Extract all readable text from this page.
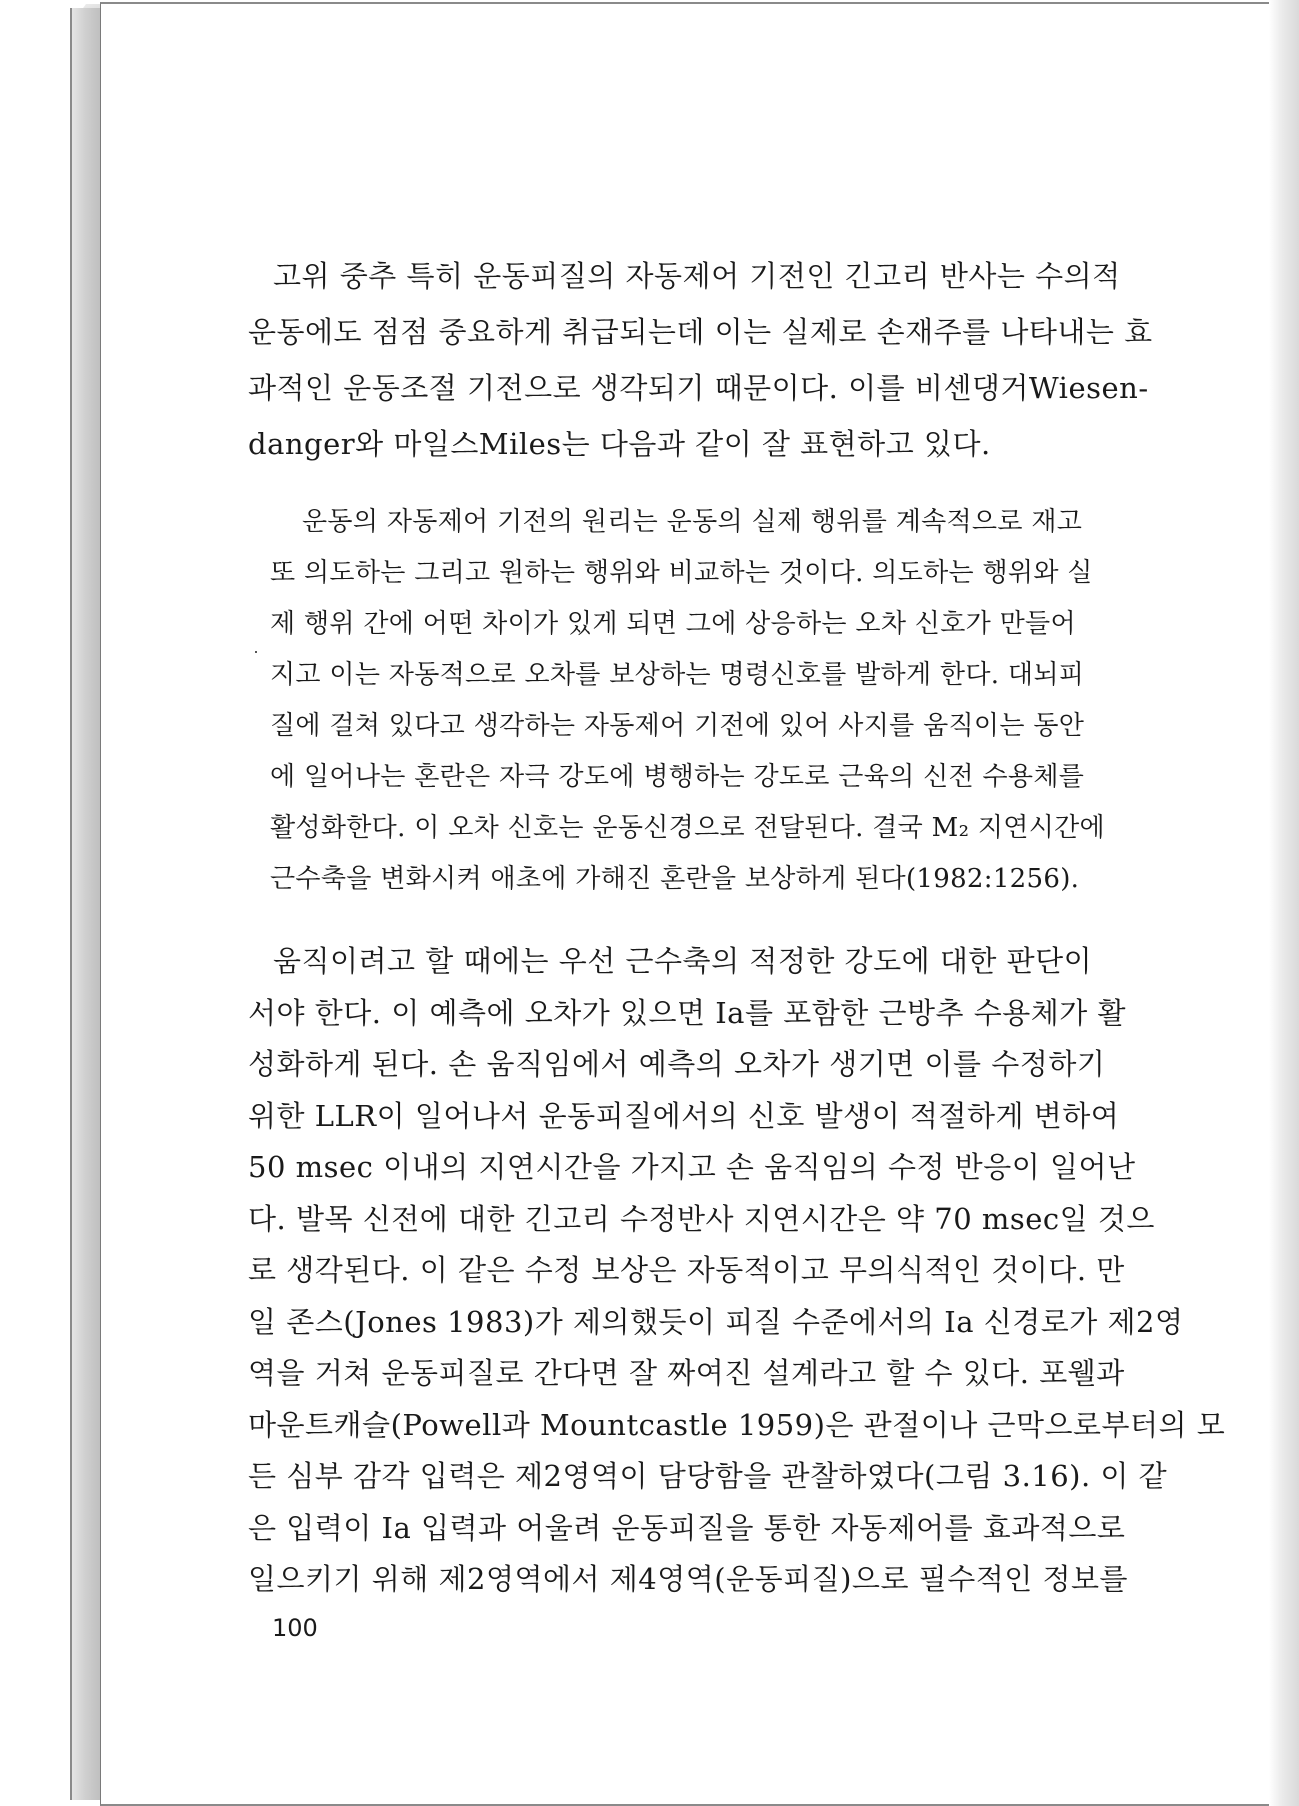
고위 중추 특히 운동피질의 자동제어 기전인 긴고리 반사는 수의적
운동에도 점점 중요하게 취급되는데 이는 실제로 손재주를 나타내는 효
과적인 운동조절 기전으로 생각되기 때문이다. 이를 비센댕거Wiesen-
danger와 마일스Miles는 다음과 같이 잘 표현하고 있다.
운동의 자동제어 기전의 원리는 운동의 실제 행위를 계속적으로 재고
또 의도하는 그리고 원하는 행위와 비교하는 것이다. 의도하는 행위와 실
제 행위 간에 어떤 차이가 있게 되면 그에 상응하는 오차 신호가 만들어
지고 이는 자동적으로 오차를 보상하는 명령신호를 발하게 한다. 대뇌피
질에 걸쳐 있다고 생각하는 자동제어 기전에 있어 사지를 움직이는 동안
에 일어나는 혼란은 자극 강도에 병행하는 강도로 근육의 신전 수용체를
활성화한다. 이 오차 신호는 운동신경으로 전달된다. 결국 M₂ 지연시간에
근수축을 변화시켜 애초에 가해진 혼란을 보상하게 된다(1982:1256).
움직이려고 할 때에는 우선 근수축의 적정한 강도에 대한 판단이
서야 한다. 이 예측에 오차가 있으면 Ia를 포함한 근방추 수용체가 활
성화하게 된다. 손 움직임에서 예측의 오차가 생기면 이를 수정하기
위한 LLR이 일어나서 운동피질에서의 신호 발생이 적절하게 변하여
50 msec 이내의 지연시간을 가지고 손 움직임의 수정 반응이 일어난
다. 발목 신전에 대한 긴고리 수정반사 지연시간은 약 70 msec일 것으
로 생각된다. 이 같은 수정 보상은 자동적이고 무의식적인 것이다. 만
일 존스(Jones 1983)가 제의했듯이 피질 수준에서의 Ia 신경로가 제2영
역을 거쳐 운동피질로 간다면 잘 짜여진 설계라고 할 수 있다. 포웰과
마운트캐슬(Powell과 Mountcastle 1959)은 관절이나 근막으로부터의 모
든 심부 감각 입력은 제2영역이 담당함을 관찰하였다(그림 3.16). 이 같
은 입력이 Ia 입력과 어울려 운동피질을 통한 자동제어를 효과적으로
일으키기 위해 제2영역에서 제4영역(운동피질)으로 필수적인 정보를
100
